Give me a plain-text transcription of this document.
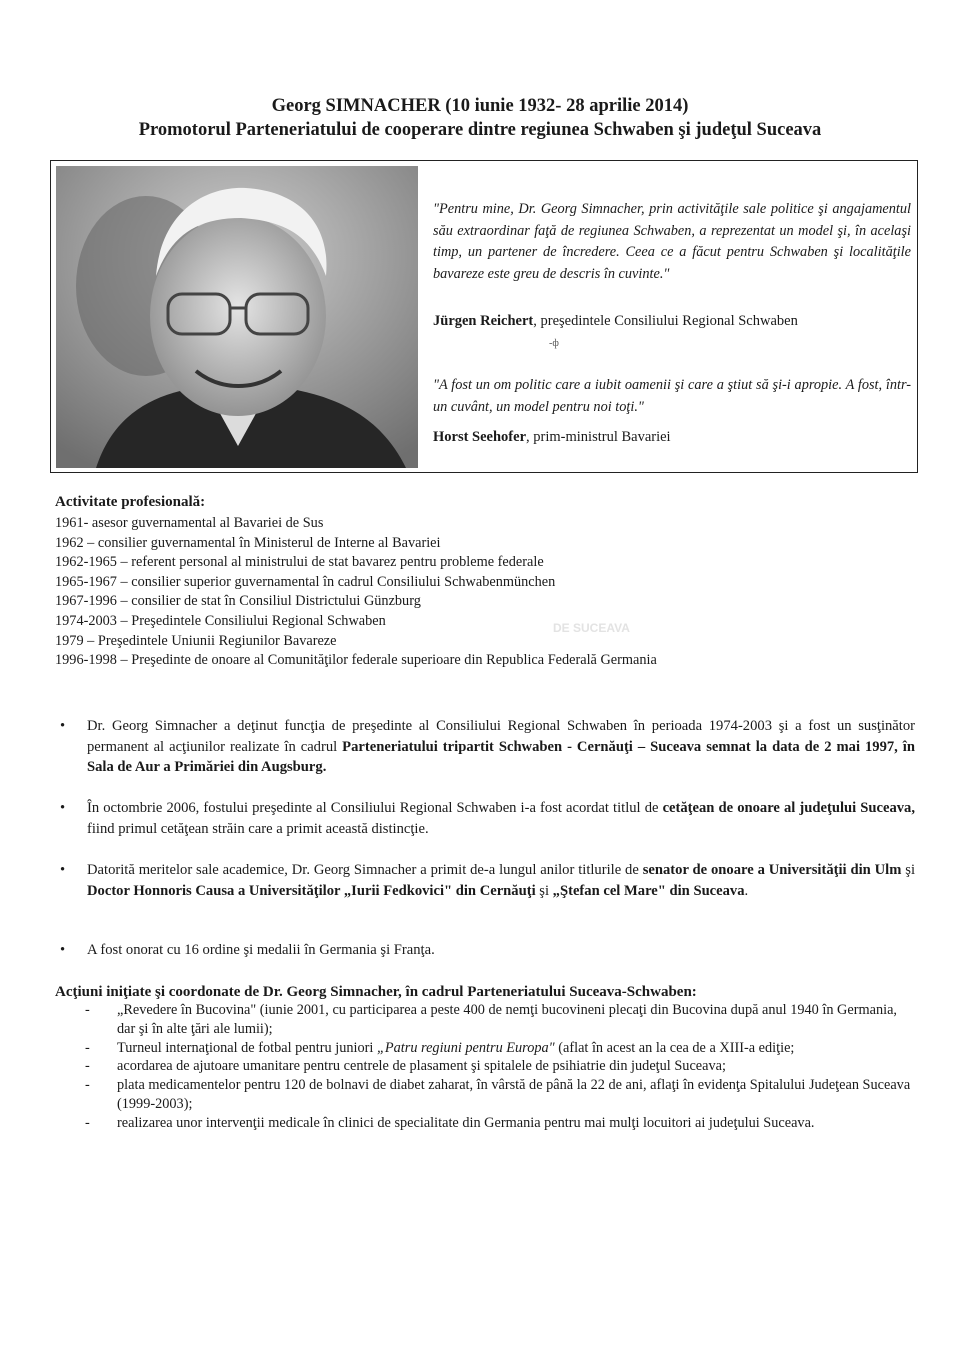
Georg SIMNACHER (10 iunie 1932- 28 aprilie 2014)
Promotorul Parteneriatului de cooperare dintre regiunea Schwaben şi judeţul Suceava
"Pentru mine, Dr. Georg Simnacher, prin activităţile sale politice şi angajamentul său extraordinar faţă de regiunea Schwaben, a reprezentat un model şi, în acelaşi timp, un partener de încredere. Ceea ce a făcut pentru Schwaben şi localităţile bavareze este greu de descris în cuvinte."
Jürgen Reichert, preşedintele Consiliului Regional Schwaben
-ф
"A fost un om politic care a iubit oamenii şi care a ştiut să şi-i apropie. A fost, într-un cuvânt, un model pentru noi toţi."
Horst Seehofer, prim-ministrul Bavariei
Activitate profesională:
1961- asesor guvernamental al Bavariei de Sus
1962 – consilier guvernamental în Ministerul de Interne al Bavariei
1962-1965 – referent personal al ministrului de stat bavarez pentru probleme federale
1965-1967 – consilier superior guvernamental în cadrul Consiliului Schwabenmünchen
1967-1996 – consilier de stat în Consiliul Districtului Günzburg
1974-2003 – Preşedintele Consiliului Regional Schwaben
1979 – Preşedintele Uniunii Regiunilor Bavareze
1996-1998 – Preşedinte de onoare al Comunităţilor federale superioare din Republica Federală Germania
DE SUCEAVA
• Dr. Georg Simnacher a deţinut funcţia de preşedinte al Consiliului Regional Schwaben în perioada 1974-2003 şi a fost un susţinător permanent al acţiunilor realizate în cadrul Parteneriatului tripartit Schwaben - Cernăuţi – Suceava semnat la data de 2 mai 1997, în Sala de Aur a Primăriei din Augsburg.
• În octombrie 2006, fostului preşedinte al Consiliului Regional Schwaben i-a fost acordat titlul de cetăţean de onoare al judeţului Suceava, fiind primul cetăţean străin care a primit această distincţie.
• Datorită meritelor sale academice, Dr. Georg Simnacher a primit de-a lungul anilor titlurile de senator de onoare a Universităţii din Ulm şi Doctor Honnoris Causa a Universităţilor „Iurii Fedkovici" din Cernăuţi şi „Ştefan cel Mare" din Suceava.
• A fost onorat cu 16 ordine şi medalii în Germania şi Franţa.
Acţiuni iniţiate şi coordonate de Dr. Georg Simnacher, în cadrul Parteneriatului Suceava-Schwaben:
- „Revedere în Bucovina" (iunie 2001, cu participarea a peste 400 de nemţi bucovineni plecaţi din Bucovina după anul 1940 în Germania, dar şi în alte ţări ale lumii);
- Turneul internaţional de fotbal pentru juniori „Patru regiuni pentru Europa" (aflat în acest an la cea de a XIII-a ediţie;
- acordarea de ajutoare umanitare pentru centrele de plasament şi spitalele de psihiatrie din judeţul Suceava;
- plata medicamentelor pentru 120 de bolnavi de diabet zaharat, în vârstă de până la 22 de ani, aflaţi în evidenţa Spitalului Judeţean Suceava (1999-2003);
- realizarea unor intervenţii medicale în clinici de specialitate din Germania pentru mai mulţi locuitori ai judeţului Suceava.
